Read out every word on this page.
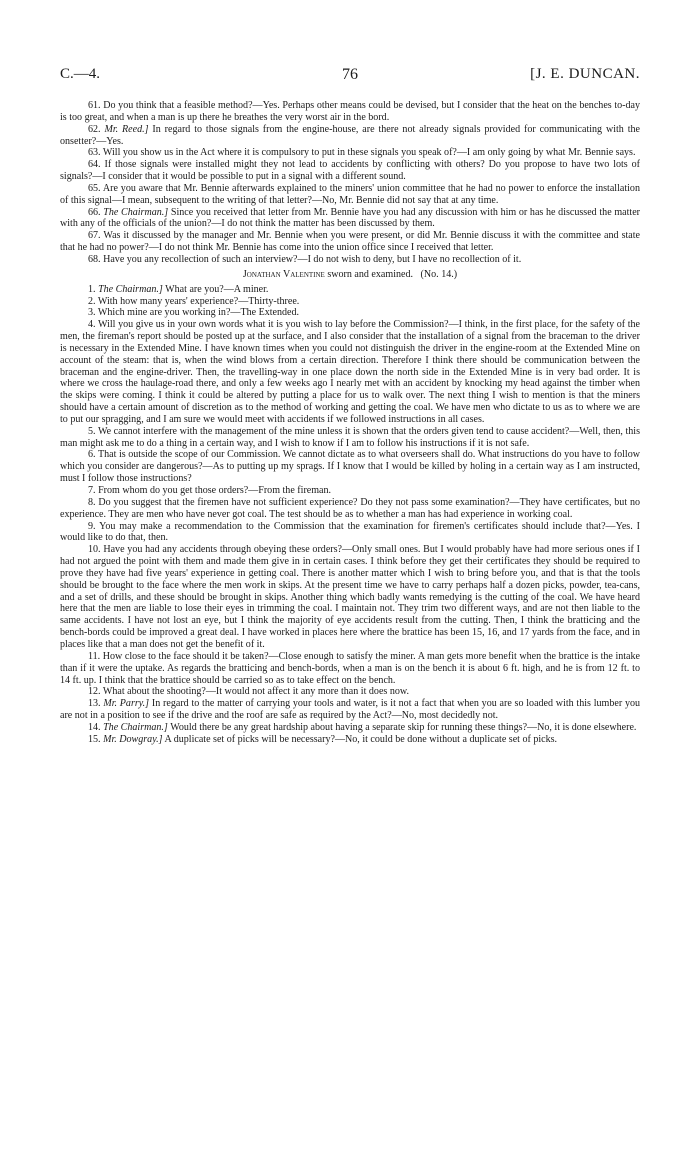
C.—4.	76	[J. E. DUNCAN.

61. Do you think that a feasible method?—Yes. Perhaps other means could be devised, but I consider that the heat on the benches to-day is too great, and when a man is up there he breathes the very worst air in the bord.

62. Mr. Reed.] In regard to those signals from the engine-house, are there not already signals provided for communicating with the onsetter?—Yes.

63. Will you show us in the Act where it is compulsory to put in these signals you speak of?—I am only going by what Mr. Bennie says.

64. If those signals were installed might they not lead to accidents by conflicting with others? Do you propose to have two lots of signals?—I consider that it would be possible to put in a signal with a different sound.

65. Are you aware that Mr. Bennie afterwards explained to the miners' union committee that he had no power to enforce the installation of this signal—I mean, subsequent to the writing of that letter?—No, Mr. Bennie did not say that at any time.

66. The Chairman.] Since you received that letter from Mr. Bennie have you had any discussion with him or has he discussed the matter with any of the officials of the union?—I do not think the matter has been discussed by them.

67. Was it discussed by the manager and Mr. Bennie when you were present, or did Mr. Bennie discuss it with the committee and state that he had no power?—I do not think Mr. Bennie has come into the union office since I received that letter.

68. Have you any recollection of such an interview?—I do not wish to deny, but I have no recollection of it.

Jonathan Valentine sworn and examined. (No. 14.)

1. The Chairman.] What are you?—A miner.

2. With how many years' experience?—Thirty-three.

3. Which mine are you working in?—The Extended.

4. Will you give us in your own words what it is you wish to lay before the Commission?—I think, in the first place, for the safety of the men, the fireman's report should be posted up at the surface, and I also consider that the installation of a signal from the braceman to the driver is necessary in the Extended Mine. I have known times when you could not distinguish the driver in the engine-room at the Extended Mine on account of the steam: that is, when the wind blows from a certain direction. Therefore I think there should be communication between the braceman and the engine-driver. Then, the travelling-way in one place down the north side in the Extended Mine is in very bad order. It is where we cross the haulage-road there, and only a few weeks ago I nearly met with an accident by knocking my head against the timber when the skips were coming. I think it could be altered by putting a place for us to walk over. The next thing I wish to mention is that the miners should have a certain amount of discretion as to the method of working and getting the coal. We have men who dictate to us as to where we are to put our spragging, and I am sure we would meet with accidents if we followed instructions in all cases.

5. We cannot interfere with the management of the mine unless it is shown that the orders given tend to cause accident?—Well, then, this man might ask me to do a thing in a certain way, and I wish to know if I am to follow his instructions if it is not safe.

6. That is outside the scope of our Commission. We cannot dictate as to what overseers shall do. What instructions do you have to follow which you consider are dangerous?—As to putting up my sprags. If I know that I would be killed by holing in a certain way as I am instructed, must I follow those instructions?

7. From whom do you get those orders?—From the fireman.

8. Do you suggest that the firemen have not sufficient experience? Do they not pass some examination?—They have certificates, but no experience. They are men who have never got coal. The test should be as to whether a man has had experience in working coal.

9. You may make a recommendation to the Commission that the examination for firemen's certificates should include that?—Yes. I would like to do that, then.

10. Have you had any accidents through obeying these orders?—Only small ones. But I would probably have had more serious ones if I had not argued the point with them and made them give in in certain cases. I think before they get their certificates they should be required to prove they have had five years' experience in getting coal. There is another matter which I wish to bring before you, and that is that the tools should be brought to the face where the men work in skips. At the present time we have to carry perhaps half a dozen picks, powder, tea-cans, and a set of drills, and these should be brought in skips. Another thing which badly wants remedying is the cutting of the coal. We have heard here that the men are liable to lose their eyes in trimming the coal. I maintain not. They trim two different ways, and are not then liable to the same accidents. I have not lost an eye, but I think the majority of eye accidents result from the cutting. Then, I think the bratticing and the bench-bords could be improved a great deal. I have worked in places here where the brattice has been 15, 16, and 17 yards from the face, and in places like that a man does not get the benefit of it.

11. How close to the face should it be taken?—Close enough to satisfy the miner. A man gets more benefit when the brattice is the intake than if it were the uptake. As regards the bratticing and bench-bords, when a man is on the bench it is about 6 ft. high, and he is from 12 ft. to 14 ft. up. I think that the brattice should be carried so as to take effect on the bench.

12. What about the shooting?—It would not affect it any more than it does now.

13. Mr. Parry.] In regard to the matter of carrying your tools and water, is it not a fact that when you are so loaded with this lumber you are not in a position to see if the drive and the roof are safe as required by the Act?—No, most decidedly not.

14. The Chairman.] Would there be any great hardship about having a separate skip for running these things?—No, it is done elsewhere.

15. Mr. Dowgray.] A duplicate set of picks will be necessary?—No, it could be done without a duplicate set of picks.
